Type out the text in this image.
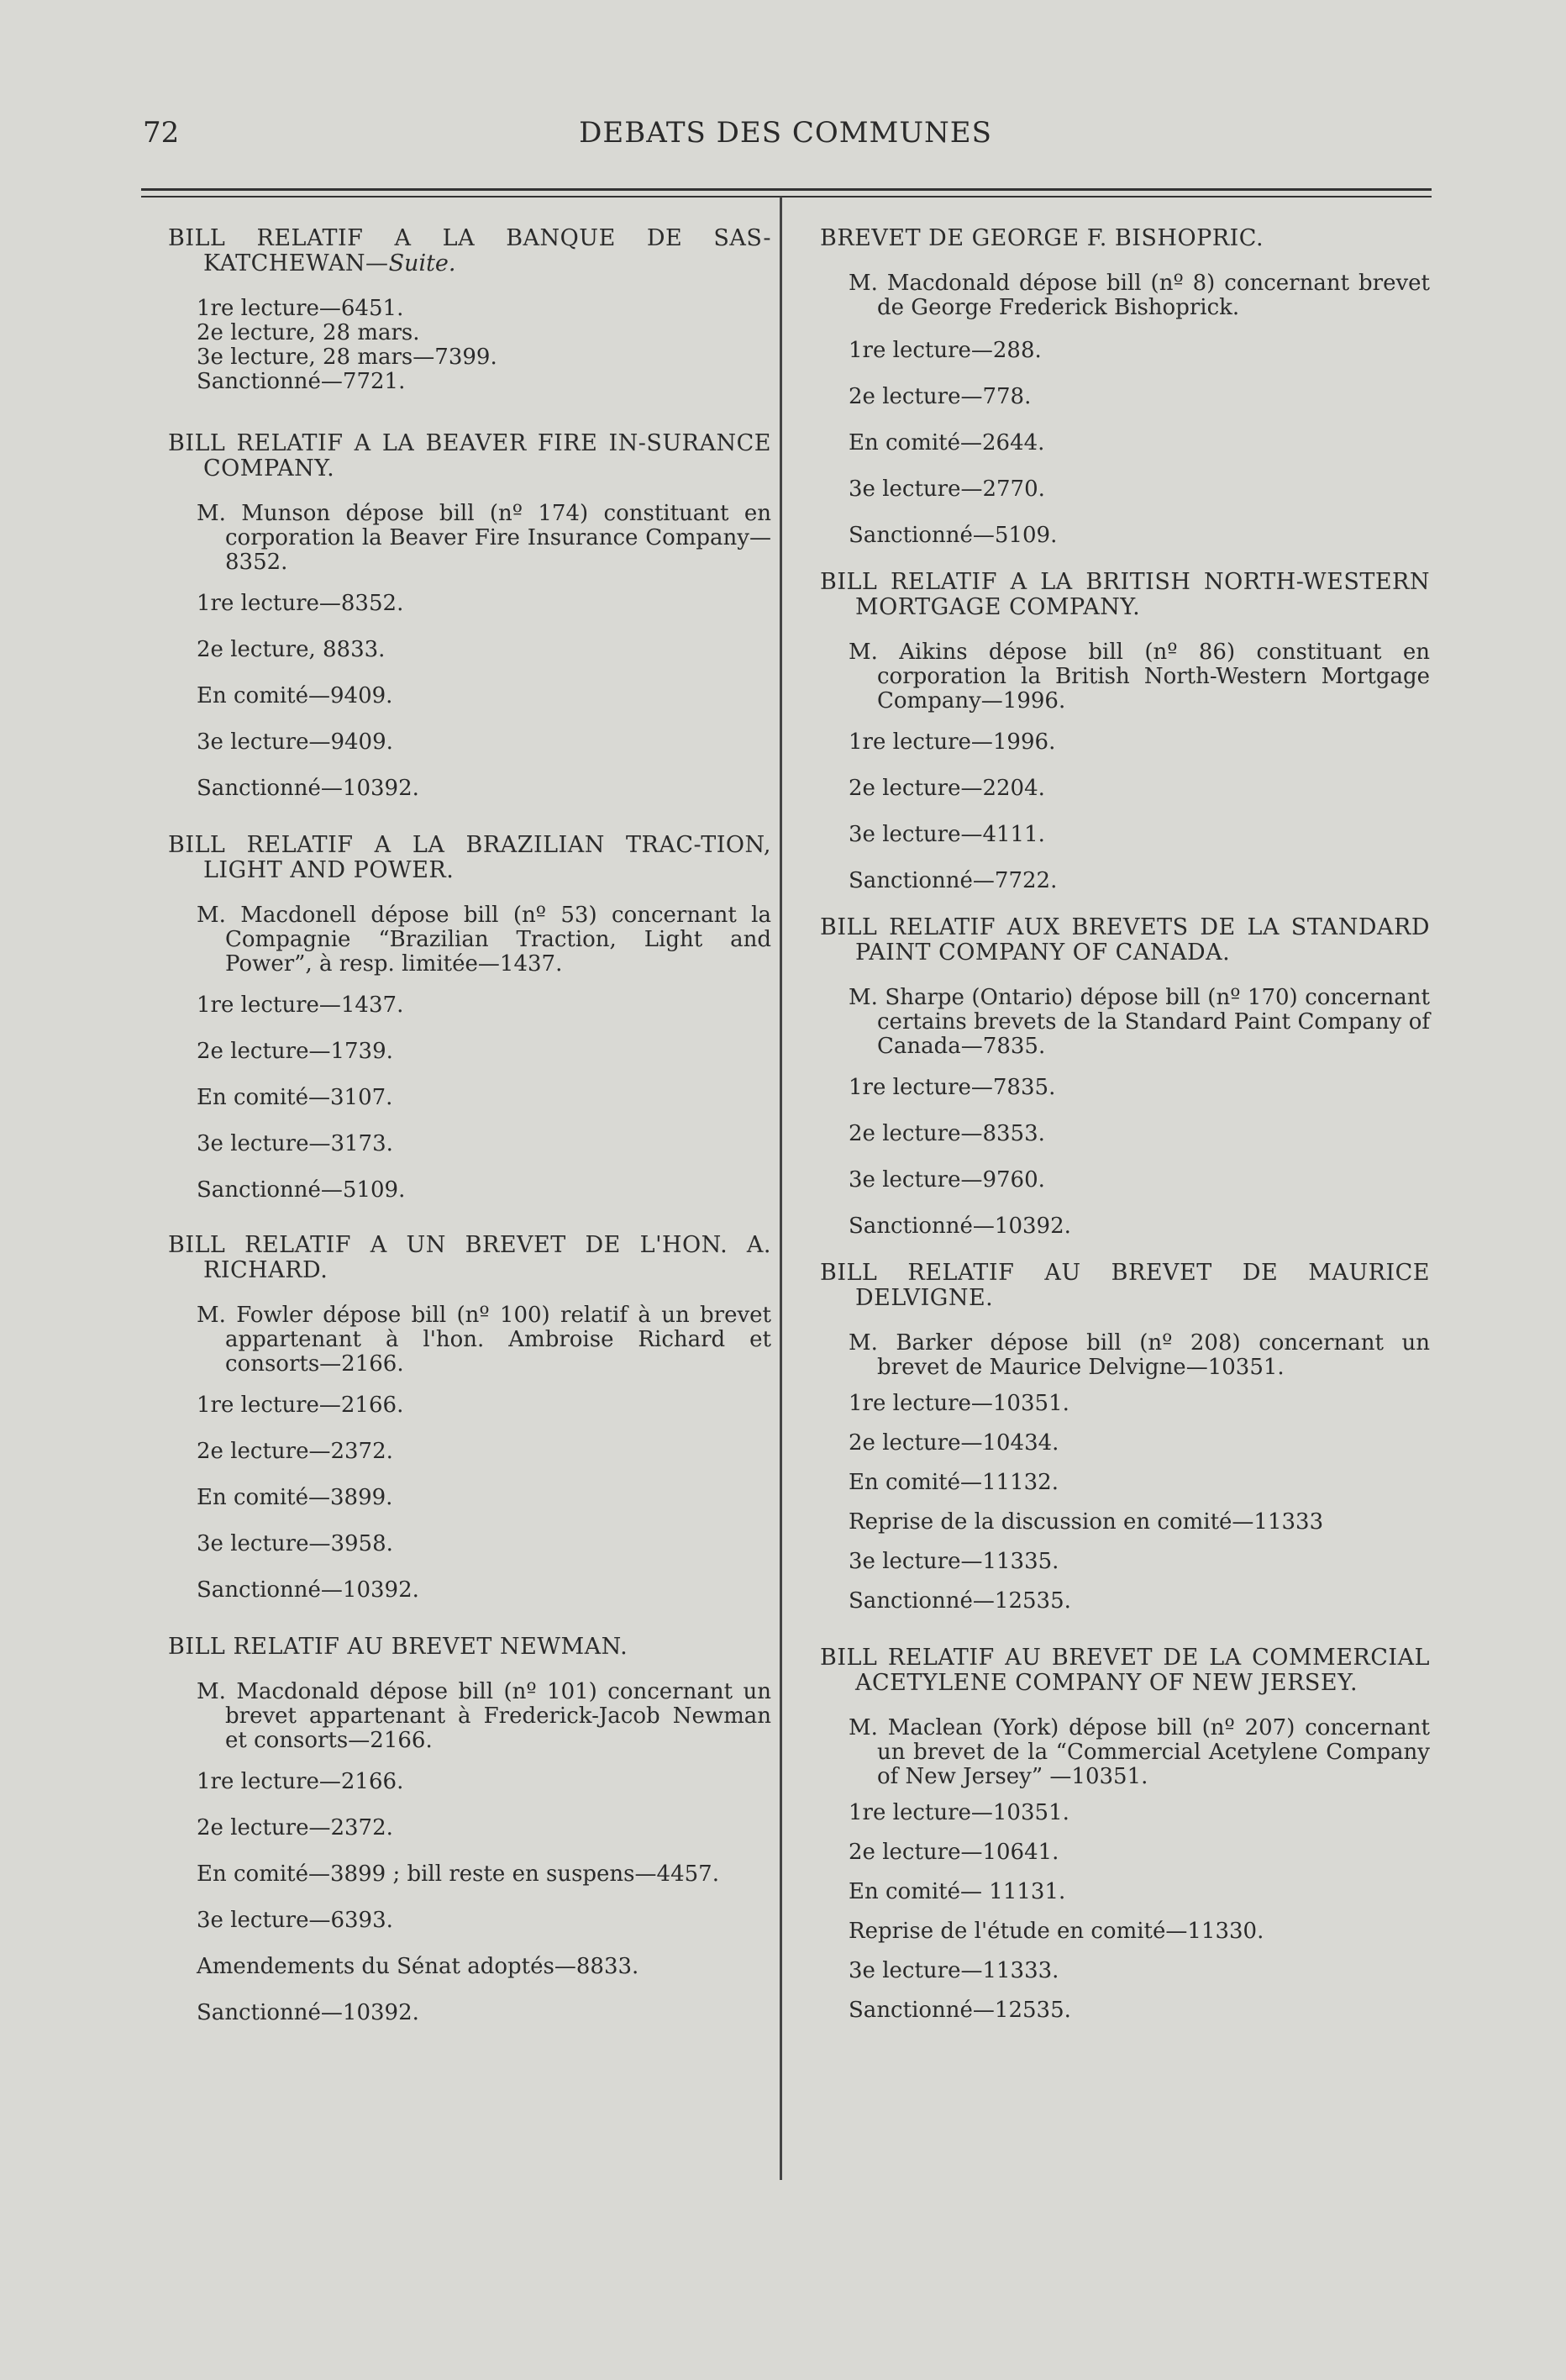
72	DEBATS DES COMMUNES
BILL RELATIF A LA BANQUE DE SAS-KATCHEWAN—Suite.
1re lecture—6451.
2e lecture, 28 mars.
3e lecture, 28 mars—7399.
Sanctionné—7721.
BILL RELATIF A LA BEAVER FIRE IN-SURANCE COMPANY.
M. Munson dépose bill (nº 174) constituant en corporation la Beaver Fire Insurance Company—8352.
1re lecture—8352.
2e lecture, 8833.
En comité—9409.
3e lecture—9409.
Sanctionné—10392.
BILL RELATIF A LA BRAZILIAN TRAC-TION, LIGHT AND POWER.
M. Macdonell dépose bill (nº 53) concernant la Compagnie “Brazilian Traction, Light and Power”, à resp. limitée—1437.
1re lecture—1437.
2e lecture—1739.
En comité—3107.
3e lecture—3173.
Sanctionné—5109.
BILL RELATIF A UN BREVET DE L'HON. A. RICHARD.
M. Fowler dépose bill (nº 100) relatif à un brevet appartenant à l'hon. Ambroise Richard et consorts—2166.
1re lecture—2166.
2e lecture—2372.
En comité—3899.
3e lecture—3958.
Sanctionné—10392.
BILL RELATIF AU BREVET NEWMAN.
M. Macdonald dépose bill (nº 101) concernant un brevet appartenant à Frederick-Jacob Newman et consorts—2166.
1re lecture—2166.
2e lecture—2372.
En comité—3899 ; bill reste en suspens—4457.
3e lecture—6393.
Amendements du Sénat adoptés—8833.
Sanctionné—10392.
BREVET DE GEORGE F. BISHOPRIC.
M. Macdonald dépose bill (nº 8) concernant brevet de George Frederick Bishoprick.
1re lecture—288.
2e lecture—778.
En comité—2644.
3e lecture—2770.
Sanctionné—5109.
BILL RELATIF A LA BRITISH NORTH-WESTERN MORTGAGE COMPANY.
M. Aikins dépose bill (nº 86) constituant en corporation la British North-Western Mortgage Company—1996.
1re lecture—1996.
2e lecture—2204.
3e lecture—4111.
Sanctionné—7722.
BILL RELATIF AUX BREVETS DE LA STANDARD PAINT COMPANY OF CANADA.
M. Sharpe (Ontario) dépose bill (nº 170) concernant certains brevets de la Standard Paint Company of Canada—7835.
1re lecture—7835.
2e lecture—8353.
3e lecture—9760.
Sanctionné—10392.
BILL RELATIF AU BREVET DE MAURICE DELVIGNE.
M. Barker dépose bill (nº 208) concernant un brevet de Maurice Delvigne—10351.
1re lecture—10351.
2e lecture—10434.
En comité—11132.
Reprise de la discussion en comité—11333
3e lecture—11335.
Sanctionné—12535.
BILL RELATIF AU BREVET DE LA COMMERCIAL ACETYLENE COMPANY OF NEW JERSEY.
M. Maclean (York) dépose bill (nº 207) concernant un brevet de la “Commercial Acetylene Company of New Jersey” —10351.
1re lecture—10351.
2e lecture—10641.
En comité— 11131.
Reprise de l'étude en comité—11330.
3e lecture—11333.
Sanctionné—12535.
